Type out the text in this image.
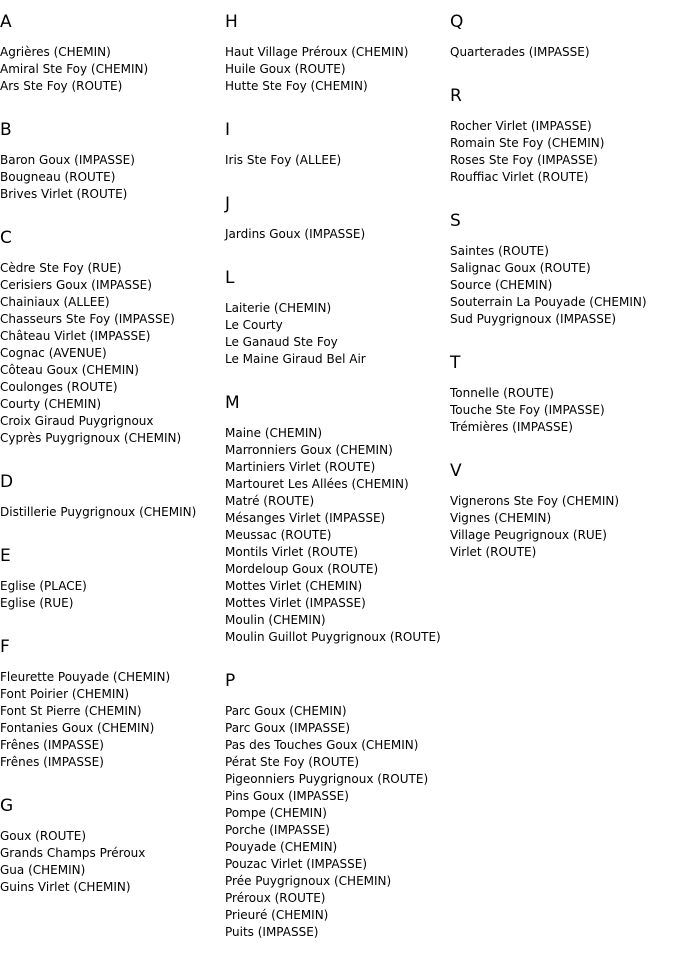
A
Agrières (CHEMIN)
Amiral Ste Foy (CHEMIN)
Ars Ste Foy (ROUTE)
B
Baron Goux (IMPASSE)
Bougneau (ROUTE)
Brives Virlet (ROUTE)
C
Cèdre Ste Foy (RUE)
Cerisiers Goux (IMPASSE)
Chainiaux (ALLEE)
Chasseurs Ste Foy (IMPASSE)
Château Virlet (IMPASSE)
Cognac (AVENUE)
Côteau Goux (CHEMIN)
Coulonges (ROUTE)
Courty (CHEMIN)
Croix Giraud Puygrignoux
Cyprès Puygrignoux (CHEMIN)
D
Distillerie Puygrignoux (CHEMIN)
E
Eglise (PLACE)
Eglise (RUE)
F
Fleurette Pouyade (CHEMIN)
Font Poirier (CHEMIN)
Font St Pierre (CHEMIN)
Fontanies Goux (CHEMIN)
Frênes (IMPASSE)
Frênes (IMPASSE)
G
Goux (ROUTE)
Grands Champs Préroux
Gua (CHEMIN)
Guins Virlet (CHEMIN)
H
Haut Village Préroux (CHEMIN)
Huile Goux (ROUTE)
Hutte Ste Foy (CHEMIN)
I
Iris Ste Foy (ALLEE)
J
Jardins Goux (IMPASSE)
L
Laiterie (CHEMIN)
Le Courty
Le Ganaud Ste Foy
Le Maine Giraud Bel Air
M
Maine (CHEMIN)
Marronniers Goux (CHEMIN)
Martiniers Virlet (ROUTE)
Martouret Les Allées (CHEMIN)
Matré (ROUTE)
Mésanges Virlet (IMPASSE)
Meussac (ROUTE)
Montils Virlet (ROUTE)
Mordeloup Goux (ROUTE)
Mottes Virlet (CHEMIN)
Mottes Virlet (IMPASSE)
Moulin (CHEMIN)
Moulin Guillot Puygrignoux (ROUTE)
P
Parc Goux (CHEMIN)
Parc Goux (IMPASSE)
Pas des Touches Goux (CHEMIN)
Pérat Ste Foy (ROUTE)
Pigeonniers Puygrignoux (ROUTE)
Pins Goux (IMPASSE)
Pompe (CHEMIN)
Porche (IMPASSE)
Pouyade (CHEMIN)
Pouzac Virlet (IMPASSE)
Prée Puygrignoux (CHEMIN)
Préroux (ROUTE)
Prieuré (CHEMIN)
Puits (IMPASSE)
Q
Quarterades (IMPASSE)
R
Rocher Virlet (IMPASSE)
Romain Ste Foy (CHEMIN)
Roses Ste Foy (IMPASSE)
Rouffiac Virlet (ROUTE)
S
Saintes (ROUTE)
Salignac Goux (ROUTE)
Source (CHEMIN)
Souterrain La Pouyade (CHEMIN)
Sud Puygrignoux (IMPASSE)
T
Tonnelle (ROUTE)
Touche Ste Foy (IMPASSE)
Trémières (IMPASSE)
V
Vignerons Ste Foy (CHEMIN)
Vignes (CHEMIN)
Village Peugrignoux (RUE)
Virlet (ROUTE)
